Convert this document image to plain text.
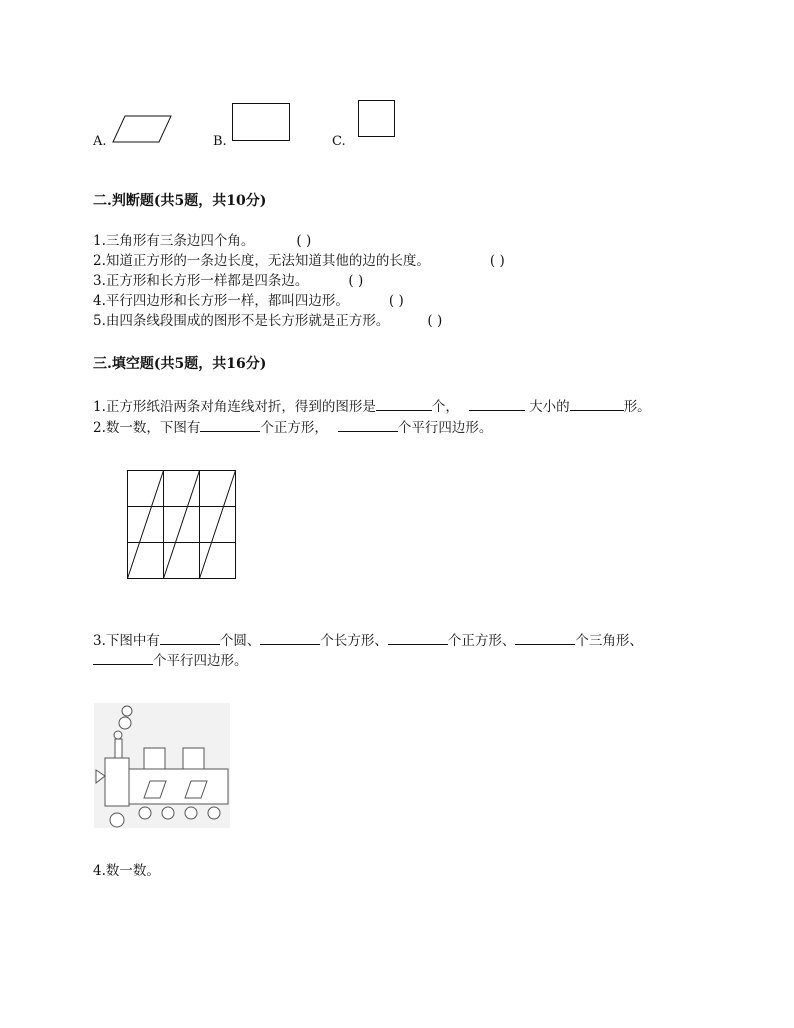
A.	B.	C.
二.判断题(共5题，共10分)
1.三角形有三条边四个角。	( )
2.知道正方形的一条边长度，无法知道其他的边的长度。	( )
3.正方形和长方形一样都是四条边。	( )
4.平行四边形和长方形一样，都叫四边形。	( )
5.由四条线段围成的图形不是长方形就是正方形。	( )
三.填空题(共5题，共16分)
1.正方形纸沿两条对角连线对折，得到的图形是	个，	大小的	形。
2.数一数，下图有	个正方形，	个平行四边形。
3.下图中有	个圆、	个长方形、	个正方形、	个三角形、
个平行四边形。
4.数一数。
